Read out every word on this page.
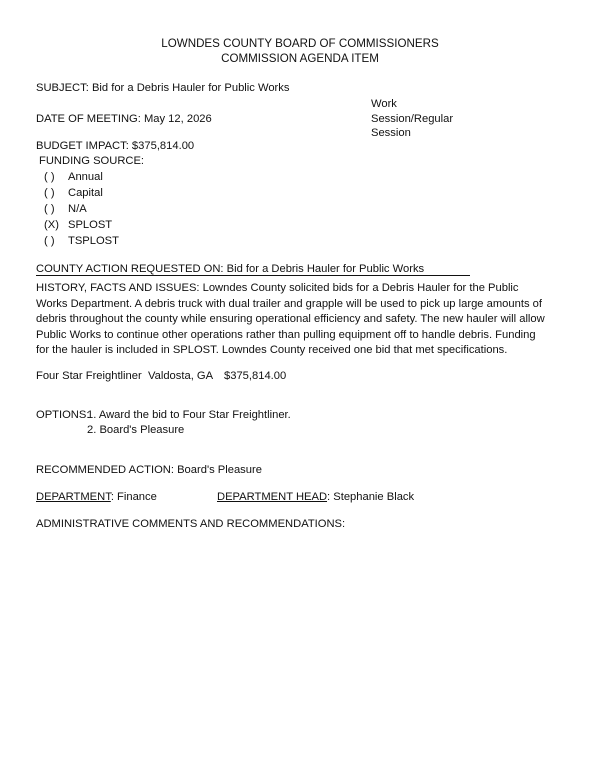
LOWNDES COUNTY BOARD OF COMMISSIONERS
COMMISSION AGENDA ITEM
SUBJECT: Bid for a Debris Hauler for Public Works
Work
Session/Regular
Session
DATE OF MEETING: May 12, 2026
BUDGET IMPACT: $375,814.00
FUNDING SOURCE:
( ) Annual
( ) Capital
( ) N/A
(X) SPLOST
( ) TSPLOST
COUNTY ACTION REQUESTED ON: Bid for a Debris Hauler for Public Works
HISTORY, FACTS AND ISSUES: Lowndes County solicited bids for a Debris Hauler for the Public Works Department. A debris truck with dual trailer and grapple will be used to pick up large amounts of debris throughout the county while ensuring operational efficiency and safety. The new hauler will allow Public Works to continue other operations rather than pulling equipment off to handle debris. Funding for the hauler is included in SPLOST. Lowndes County received one bid that met specifications.
Four Star Freightliner Valdosta, GA $375,814.00
OPTIONS:
1. Award the bid to Four Star Freightliner.
2. Board's Pleasure
RECOMMENDED ACTION: Board's Pleasure
DEPARTMENT: Finance	DEPARTMENT HEAD: Stephanie Black
ADMINISTRATIVE COMMENTS AND RECOMMENDATIONS:
